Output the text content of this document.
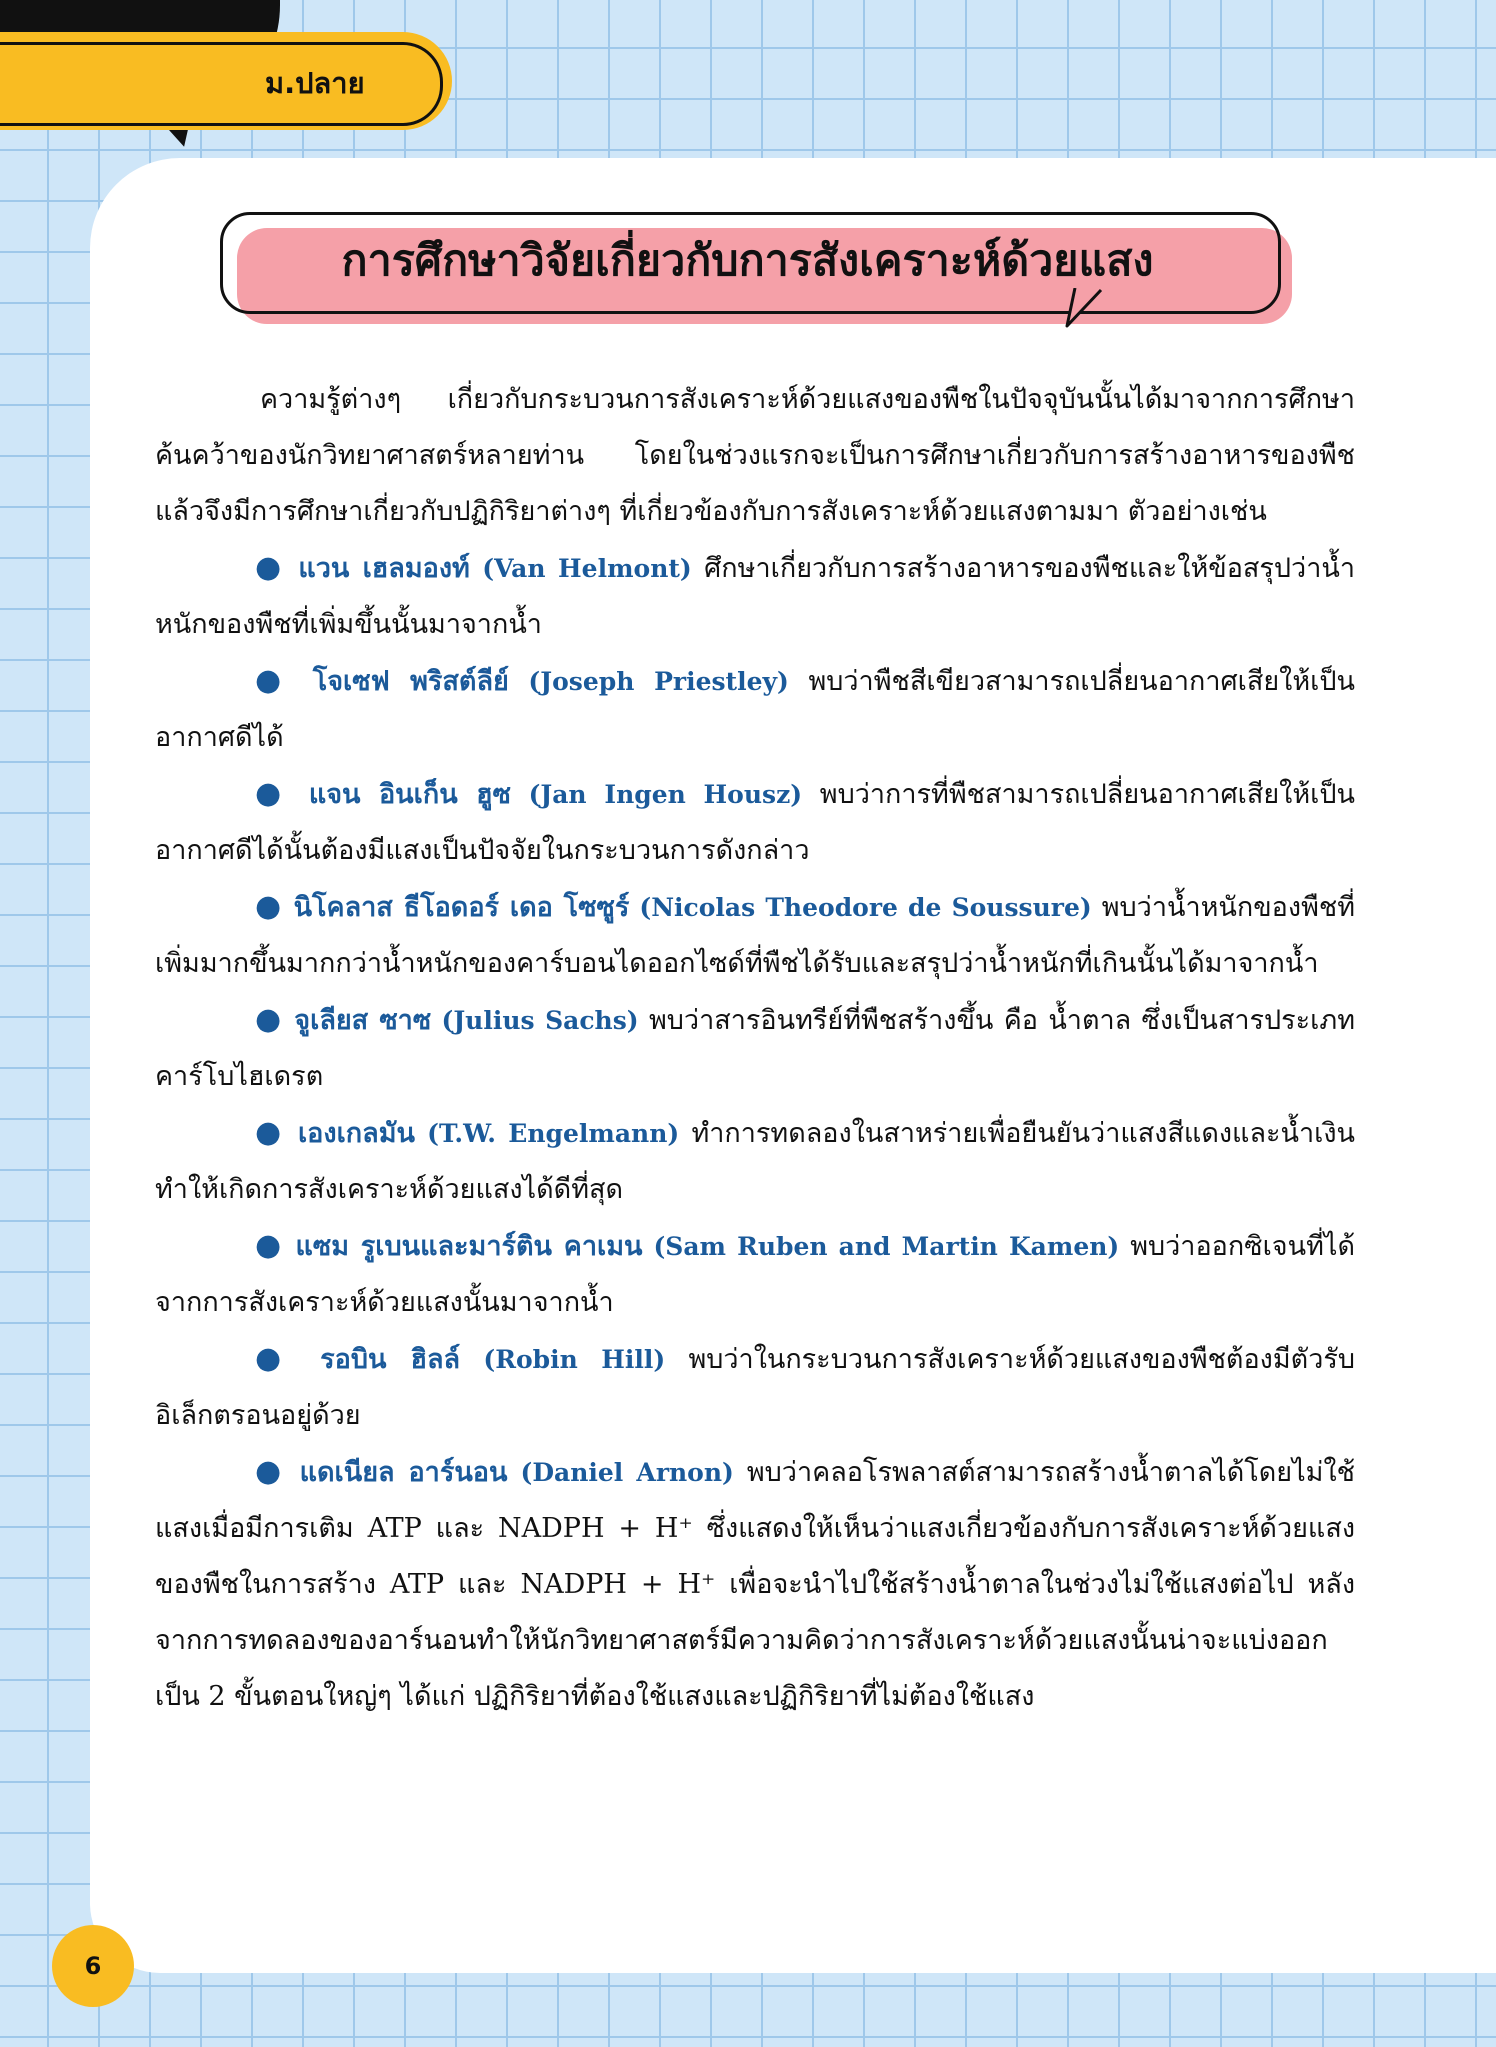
BIOLOGY ม.ปลาย
การศึกษาวิจัยเกี่ยวกับการสังเคราะห์ด้วยแสง

ความรู้ต่างๆ เกี่ยวกับกระบวนการสังเคราะห์ด้วยแสงของพืชในปัจจุบันนั้นได้มาจากการศึกษาค้นคว้าของนักวิทยาศาสตร์หลายท่าน โดยในช่วงแรกจะเป็นการศึกษาเกี่ยวกับการสร้างอาหารของพืช แล้วจึงมีการศึกษาเกี่ยวกับปฏิกิริยาต่างๆ ที่เกี่ยวข้องกับการสังเคราะห์ด้วยแสงตามมา ตัวอย่างเช่น

● แวน เฮลมองท์ (Van Helmont) ศึกษาเกี่ยวกับการสร้างอาหารของพืชและให้ข้อสรุปว่าน้ำหนักของพืชที่เพิ่มขึ้นนั้นมาจากน้ำ

● โจเซฟ พริสต์ลีย์ (Joseph Priestley) พบว่าพืชสีเขียวสามารถเปลี่ยนอากาศเสียให้เป็นอากาศดีได้

● แจน อินเก็น ฮูซ (Jan Ingen Housz) พบว่าการที่พืชสามารถเปลี่ยนอากาศเสียให้เป็นอากาศดีได้นั้นต้องมีแสงเป็นปัจจัยในกระบวนการดังกล่าว

● นิโคลาส ธีโอดอร์ เดอ โซซูร์ (Nicolas Theodore de Soussure) พบว่าน้ำหนักของพืชที่เพิ่มมากขึ้นมากกว่าน้ำหนักของคาร์บอนไดออกไซด์ที่พืชได้รับและสรุปว่าน้ำหนักที่เกินนั้นได้มาจากน้ำ

● จูเลียส ซาซ (Julius Sachs) พบว่าสารอินทรีย์ที่พืชสร้างขึ้น คือ น้ำตาล ซึ่งเป็นสารประเภทคาร์โบไฮเดรต

● เองเกลมัน (T.W. Engelmann) ทำการทดลองในสาหร่ายเพื่อยืนยันว่าแสงสีแดงและน้ำเงินทำให้เกิดการสังเคราะห์ด้วยแสงได้ดีที่สุด

● แซม รูเบนและมาร์ติน คาเมน (Sam Ruben and Martin Kamen) พบว่าออกซิเจนที่ได้จากการสังเคราะห์ด้วยแสงนั้นมาจากน้ำ

● รอบิน ฮิลล์ (Robin Hill) พบว่าในกระบวนการสังเคราะห์ด้วยแสงของพืชต้องมีตัวรับอิเล็กตรอนอยู่ด้วย

● แดเนียล อาร์นอน (Daniel Arnon) พบว่าคลอโรพลาสต์สามารถสร้างน้ำตาลได้โดยไม่ใช้แสงเมื่อมีการเติม ATP และ NADPH + H⁺ ซึ่งแสดงให้เห็นว่าแสงเกี่ยวข้องกับการสังเคราะห์ด้วยแสงของพืชในการสร้าง ATP และ NADPH + H⁺ เพื่อจะนำไปใช้สร้างน้ำตาลในช่วงไม่ใช้แสงต่อไป หลังจากการทดลองของอาร์นอนทำให้นักวิทยาศาสตร์มีความคิดว่าการสังเคราะห์ด้วยแสงนั้นน่าจะแบ่งออกเป็น 2 ขั้นตอนใหญ่ๆ ได้แก่ ปฏิกิริยาที่ต้องใช้แสงและปฏิกิริยาที่ไม่ต้องใช้แสง

6
